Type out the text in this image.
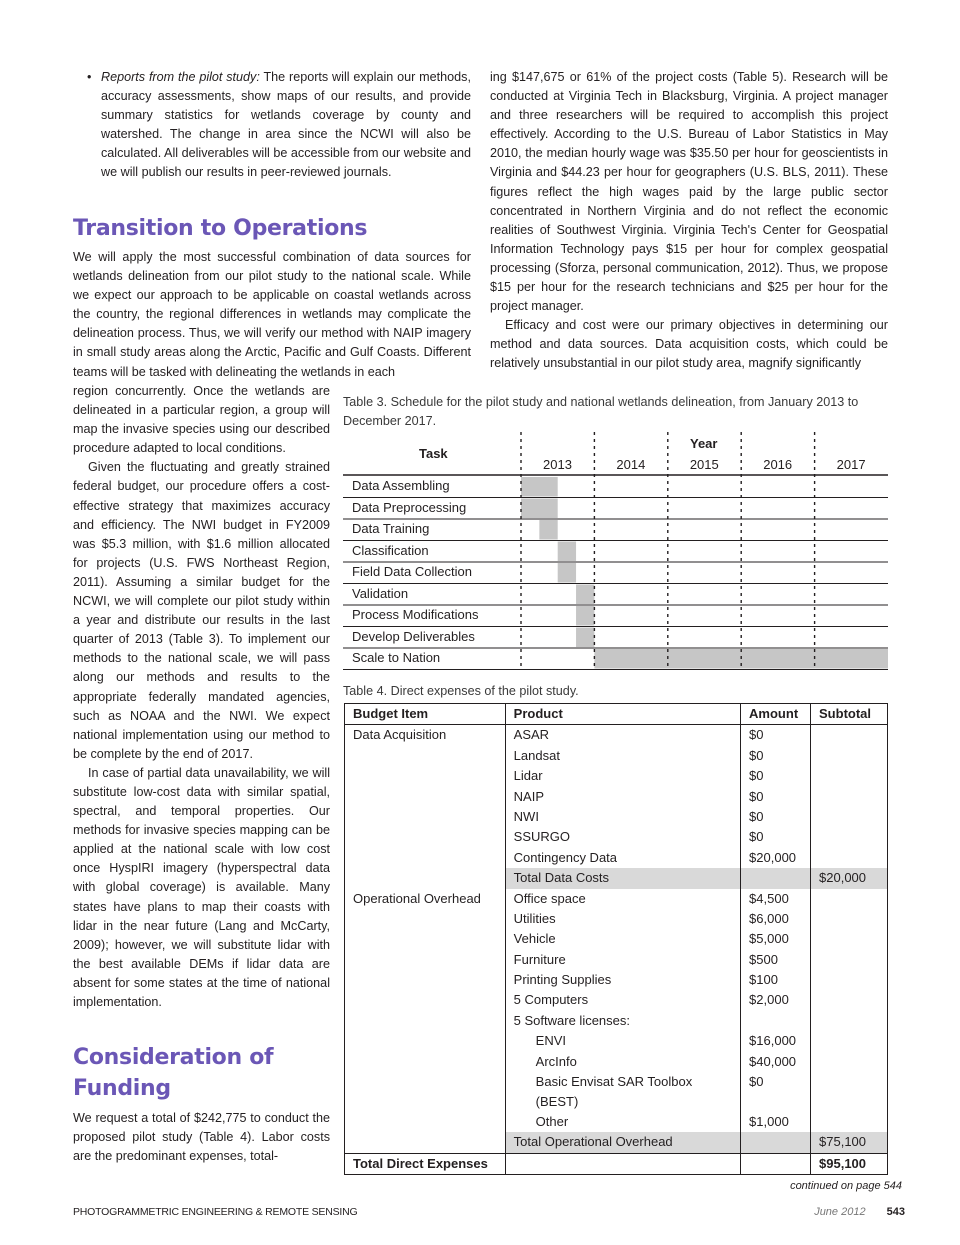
• Reports from the pilot study: The reports will explain our methods, accuracy assessments, show maps of our results, and provide summary statistics for wetlands coverage by county and watershed. The change in area since the NCWI will also be calculated. All deliverables will be accessible from our website and we will publish our results in peer-reviewed journals.
Transition to Operations

We will apply the most successful combination of data sources for wetlands delineation from our pilot study to the national scale. While we expect our approach to be applicable on coastal wetlands across the country, the regional differences in wetlands may complicate the delineation process. Thus, we will verify our method with NAIP imagery in small study areas along the Arctic, Pacific and Gulf Coasts. Different teams will be tasked with delineating the wetlands in each

region concurrently. Once the wetlands are delineated in a particular region, a group will map the invasive species using our described procedure adapted to local conditions.

Given the fluctuating and greatly strained federal budget, our procedure offers a cost-effective strategy that maximizes accuracy and efficiency. The NWI budget in FY2009 was $5.3 million, with $1.6 million allocated for projects (U.S. FWS Northeast Region, 2011). Assuming a similar budget for the NCWI, we will complete our pilot study within a year and distribute our results in the last quarter of 2013 (Table 3). To implement our methods to the national scale, we will pass along our methods and results to the appropriate federally mandated agencies, such as NOAA and the NWI. We expect national implementation using our method to be complete by the end of 2017.

In case of partial data unavailability, we will substitute low-cost data with similar spatial, spectral, and temporal properties. Our methods for invasive species mapping can be applied at the national scale with low cost once HyspIRI imagery (hyperspectral data with global coverage) is available. Many states have plans to map their coasts with lidar in the near future (Lang and McCarty, 2009); however, we will substitute lidar with the best available DEMs if lidar data are absent for some states at the time of national implementation.

Consideration of Funding

We request a total of $242,775 to conduct the proposed pilot study (Table 4). Labor costs are the predominant expenses, total-

ing $147,675 or 61% of the project costs (Table 5). Research will be conducted at Virginia Tech in Blacksburg, Virginia. A project manager and three researchers will be required to accomplish this project effectively. According to the U.S. Bureau of Labor Statistics in May 2010, the median hourly wage was $35.50 per hour for geoscientists in Virginia and $44.23 per hour for geographers (U.S. BLS, 2011). These figures reflect the high wages paid by the large public sector concentrated in Northern Virginia and do not reflect the economic realities of Southwest Virginia. Virginia Tech's Center for Geospatial Information Technology pays $15 per hour for complex geospatial processing (Sforza, personal communication, 2012). Thus, we propose $15 per hour for the research technicians and $25 per hour for the project manager.

Efficacy and cost were our primary objectives in determining our method and data sources. Data acquisition costs, which could be relatively unsubstantial in our pilot study area, magnify significantly

Table 3. Schedule for the pilot study and national wetlands delineation, from January 2013 to December 2017.

Task
Year
2013	2014	2015	2016	2017
Data Assembling
Data Preprocessing
Data Training
Classification
Field Data Collection
Validation
Process Modifications
Develop Deliverables
Scale to Nation

Table 4. Direct expenses of the pilot study.

Budget Item	Product	Amount	Subtotal
Data Acquisition	ASAR	$0	
	Landsat	$0	
	Lidar	$0	
	NAIP	$0	
	NWI	$0	
	SSURGO	$0	
	Contingency Data	$20,000	
	Total Data Costs		$20,000
Operational Overhead	Office space	$4,500	
	Utilities	$6,000	
	Vehicle	$5,000	
	Furniture	$500	
	Printing Supplies	$100	
	5 Computers	$2,000	
	5 Software licenses:		
	ENVI	$16,000	
	ArcInfo	$40,000	
	Basic Envisat SAR Toolbox (BEST)	$0	
	Other	$1,000	
	Total Operational Overhead		$75,100
Total Direct Expenses			$95,100
continued on page 544
PHOTOGRAMMETRIC ENGINEERING & REMOTE SENSING	June 2012 543
